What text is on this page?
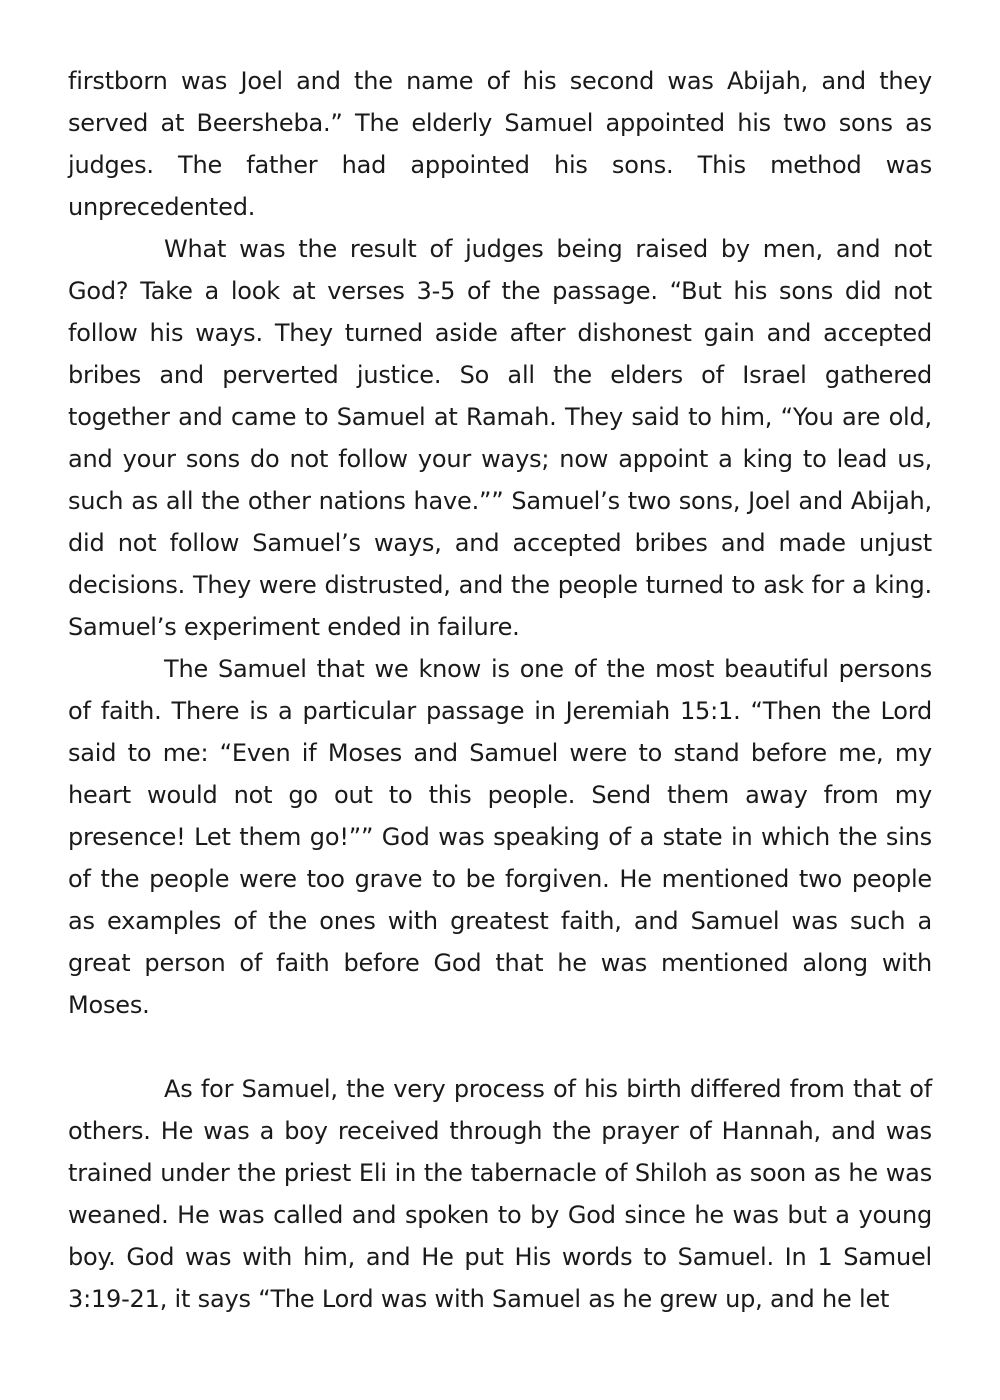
firstborn was Joel and the name of his second was Abijah, and they served at Beersheba.” The elderly Samuel appointed his two sons as judges. The father had appointed his sons. This method was unprecedented.

What was the result of judges being raised by men, and not God? Take a look at verses 3-5 of the passage. “But his sons did not follow his ways. They turned aside after dishonest gain and accepted bribes and perverted justice. So all the elders of Israel gathered together and came to Samuel at Ramah. They said to him, “You are old, and your sons do not follow your ways; now appoint a king to lead us, such as all the other nations have.”” Samuel’s two sons, Joel and Abijah, did not follow Samuel’s ways, and accepted bribes and made unjust decisions. They were distrusted, and the people turned to ask for a king. Samuel’s experiment ended in failure.

The Samuel that we know is one of the most beautiful persons of faith. There is a particular passage in Jeremiah 15:1. “Then the Lord said to me: “Even if Moses and Samuel were to stand before me, my heart would not go out to this people. Send them away from my presence! Let them go!”” God was speaking of a state in which the sins of the people were too grave to be forgiven. He mentioned two people as examples of the ones with greatest faith, and Samuel was such a great person of faith before God that he was mentioned along with Moses.

As for Samuel, the very process of his birth differed from that of others. He was a boy received through the prayer of Hannah, and was trained under the priest Eli in the tabernacle of Shiloh as soon as he was weaned. He was called and spoken to by God since he was but a young boy. God was with him, and He put His words to Samuel. In 1 Samuel 3:19-21, it says “The Lord was with Samuel as he grew up, and he let
